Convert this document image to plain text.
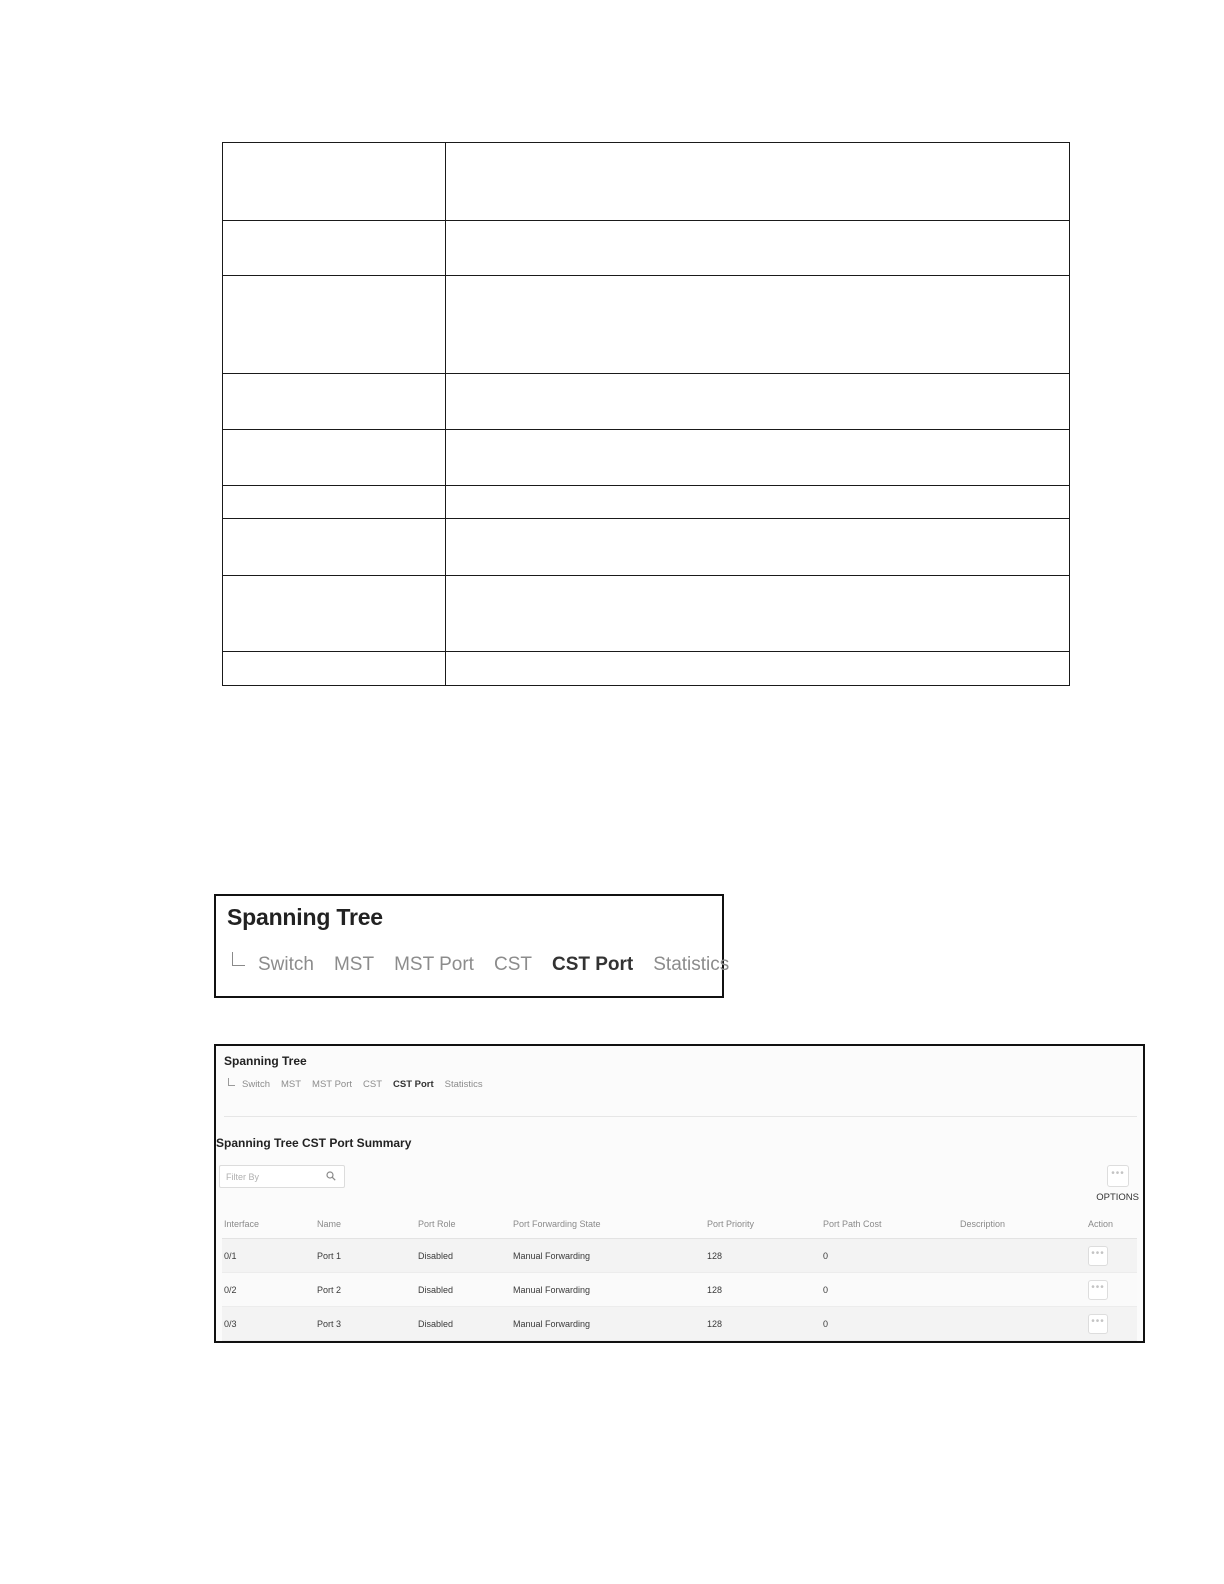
Spanning Tree
Switch MST MST Port CST CST Port Statistics
Spanning Tree
Switch MST MST Port CST CST Port Statistics
Spanning Tree CST Port Summary
Filter By
•••
OPTIONS
Interface	Name	Port Role	Port Forwarding State	Port Priority	Port Path Cost	Description	Action
0/1	Port 1	Disabled	Manual Forwarding	128	0		•••
0/2	Port 2	Disabled	Manual Forwarding	128	0		•••
0/3	Port 3	Disabled	Manual Forwarding	128	0		•••
